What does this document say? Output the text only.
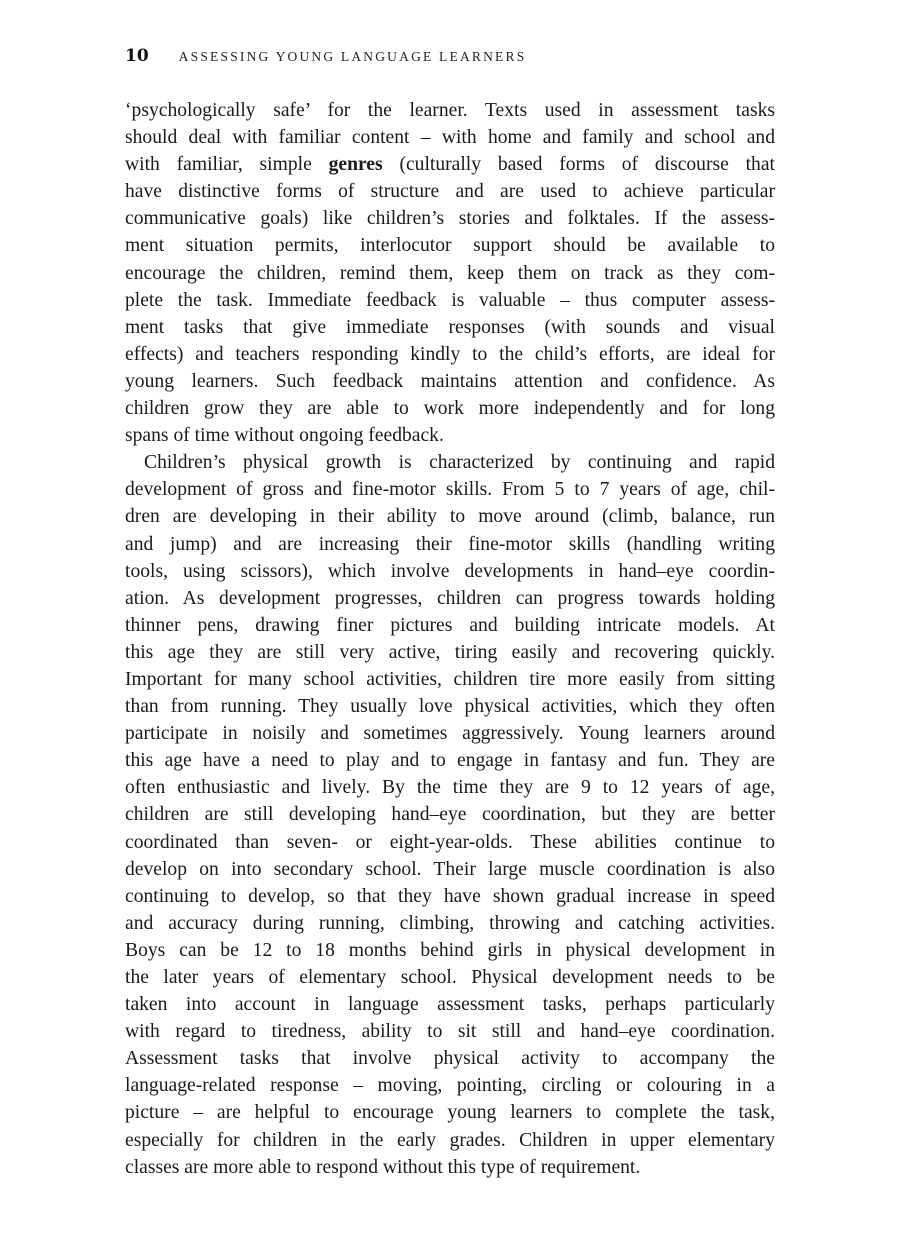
10 ASSESSING YOUNG LANGUAGE LEARNERS
‘psychologically safe’ for the learner. Texts used in assessment tasks
should deal with familiar content – with home and family and school and
with familiar, simple genres (culturally based forms of discourse that
have distinctive forms of structure and are used to achieve particular
communicative goals) like children’s stories and folktales. If the assess-
ment situation permits, interlocutor support should be available to
encourage the children, remind them, keep them on track as they com-
plete the task. Immediate feedback is valuable – thus computer assess-
ment tasks that give immediate responses (with sounds and visual
effects) and teachers responding kindly to the child’s efforts, are ideal for
young learners. Such feedback maintains attention and confidence. As
children grow they are able to work more independently and for long
spans of time without ongoing feedback.
Children’s physical growth is characterized by continuing and rapid
development of gross and fine-motor skills. From 5 to 7 years of age, chil-
dren are developing in their ability to move around (climb, balance, run
and jump) and are increasing their fine-motor skills (handling writing
tools, using scissors), which involve developments in hand–eye coordin-
ation. As development progresses, children can progress towards holding
thinner pens, drawing finer pictures and building intricate models. At
this age they are still very active, tiring easily and recovering quickly.
Important for many school activities, children tire more easily from sitting
than from running. They usually love physical activities, which they often
participate in noisily and sometimes aggressively. Young learners around
this age have a need to play and to engage in fantasy and fun. They are
often enthusiastic and lively. By the time they are 9 to 12 years of age,
children are still developing hand–eye coordination, but they are better
coordinated than seven- or eight-year-olds. These abilities continue to
develop on into secondary school. Their large muscle coordination is also
continuing to develop, so that they have shown gradual increase in speed
and accuracy during running, climbing, throwing and catching activities.
Boys can be 12 to 18 months behind girls in physical development in
the later years of elementary school. Physical development needs to be
taken into account in language assessment tasks, perhaps particularly
with regard to tiredness, ability to sit still and hand–eye coordination.
Assessment tasks that involve physical activity to accompany the
language-related response – moving, pointing, circling or colouring in a
picture – are helpful to encourage young learners to complete the task,
especially for children in the early grades. Children in upper elementary
classes are more able to respond without this type of requirement.
